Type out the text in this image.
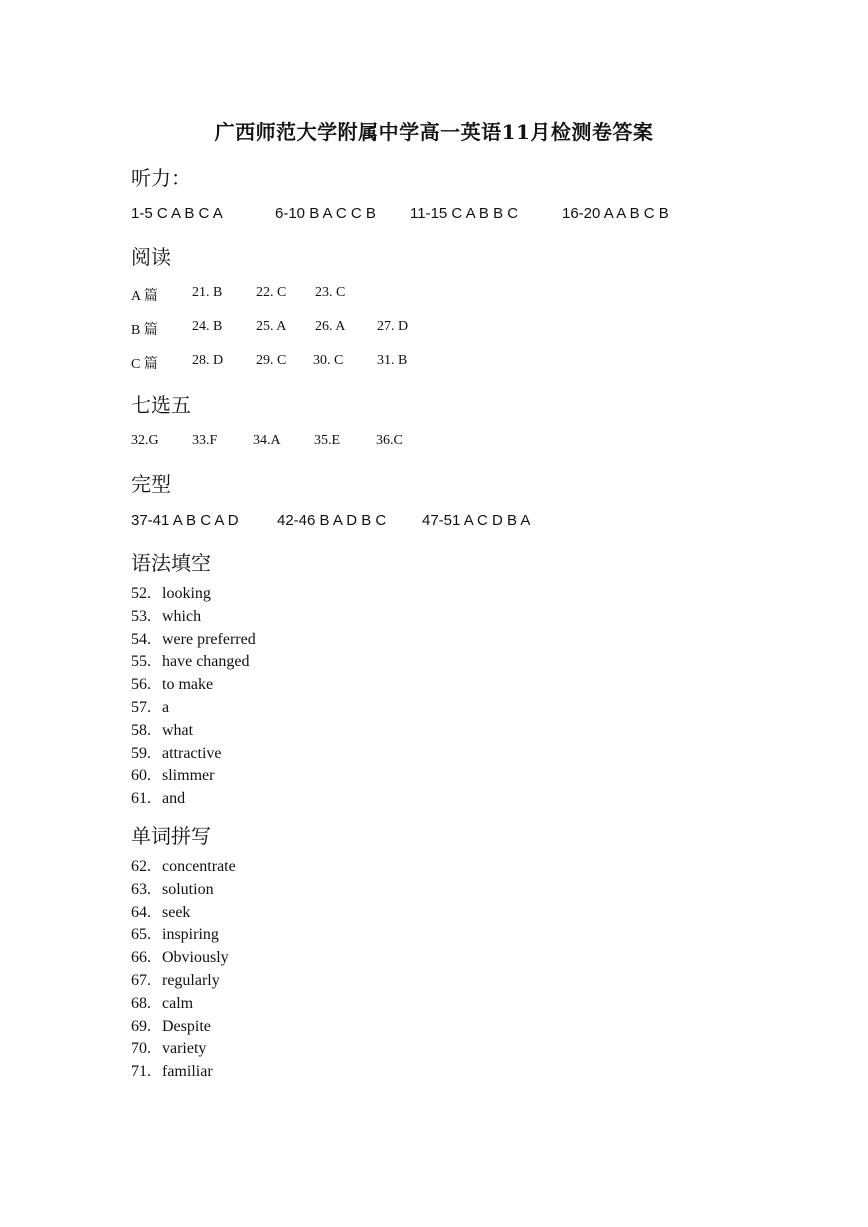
广西师范大学附属中学高一英语11月检测卷答案
听力：
1-5 C A B C A	6-10 B A C C B 11-15 C A B B C	16-20 A A B C B
阅读
A 篇 21. B 22. C 23. C
B 篇 24. B 25. A 26. A 27. D
C 篇 28. D 29. C 30. C 31. B
七选五
32.G 33.F	34.A 35.E	36.C
完型
37-41 A B C A D	42-46 B A D B C 47-51 A C D B A
语法填空
52. looking
53. which
54. were preferred
55. have changed
56. to make
57. a
58. what
59. attractive
60. slimmer
61. and
单词拼写
62. concentrate
63. solution
64. seek
65. inspiring
66. Obviously
67. regularly
68. calm
69. Despite
70. variety
71. familiar
